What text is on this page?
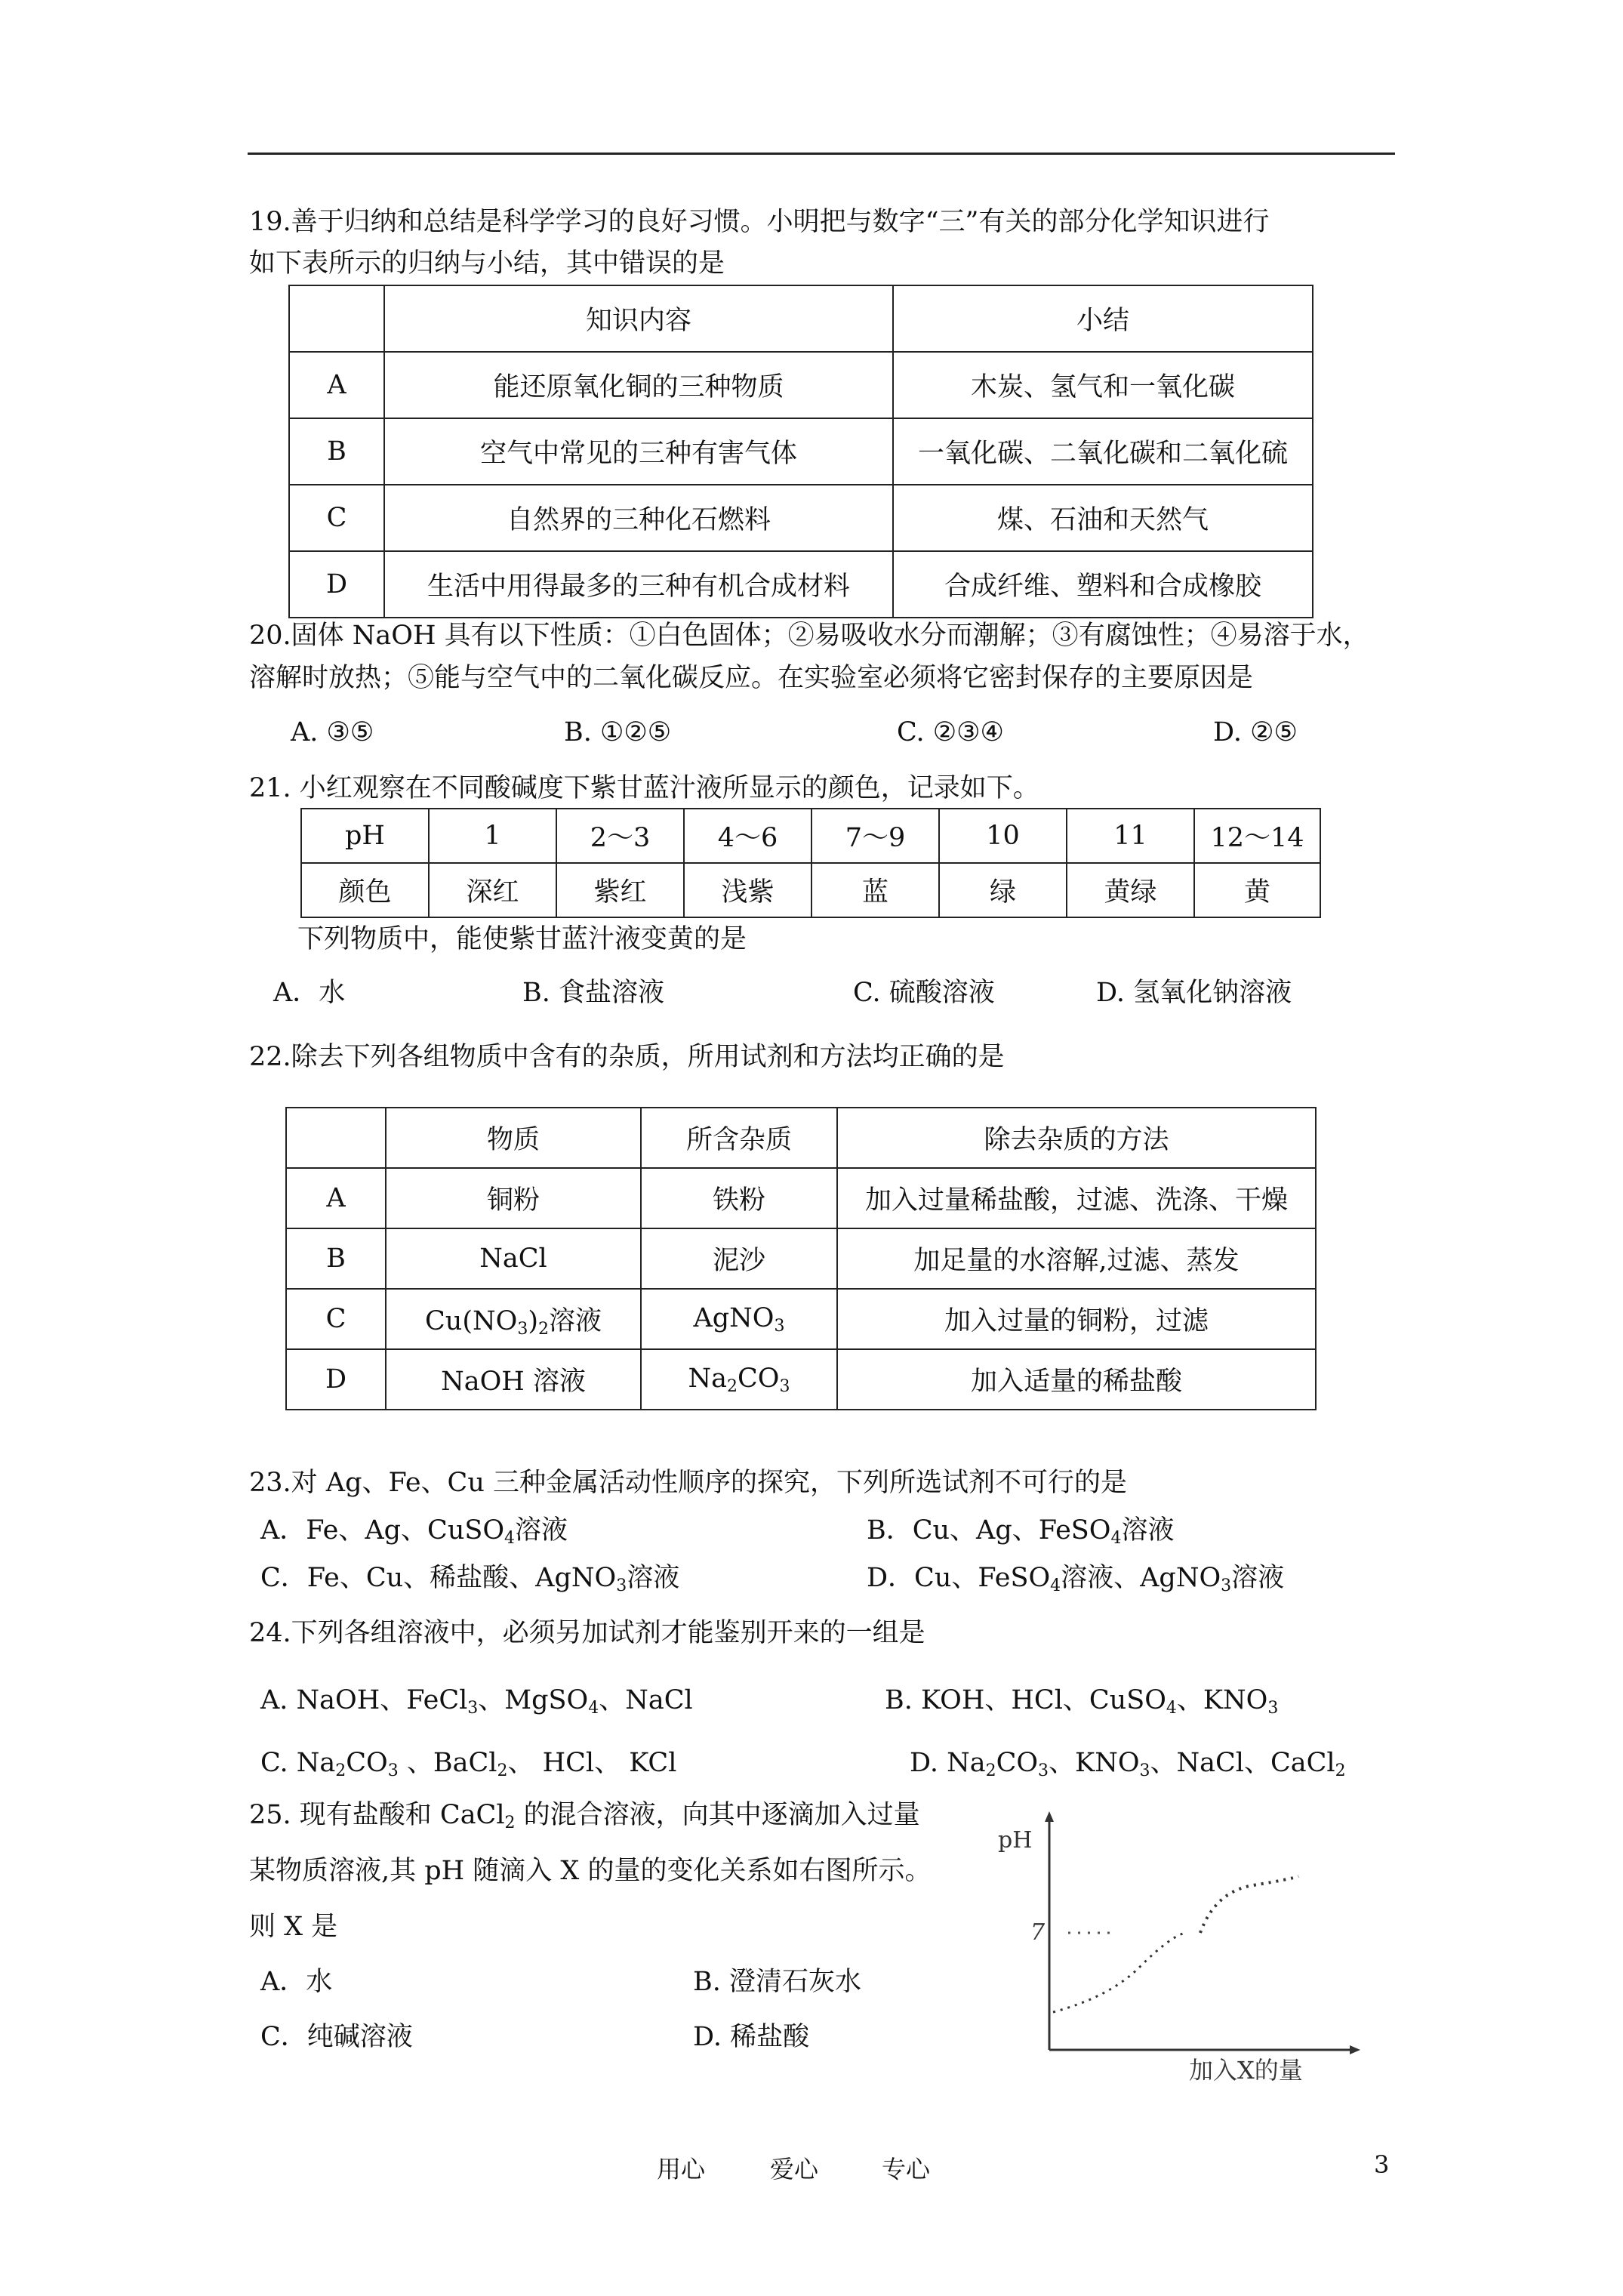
19.善于归纳和总结是科学学习的良好习惯。小明把与数字“三”有关的部分化学知识进行
如下表所示的归纳与小结，其中错误的是
	知识内容	小结
A	能还原氧化铜的三种物质	木炭、氢气和一氧化碳
B	空气中常见的三种有害气体	一氧化碳、二氧化碳和二氧化硫
C	自然界的三种化石燃料	煤、石油和天然气
D	生活中用得最多的三种有机合成材料	合成纤维、塑料和合成橡胶
20.固体 NaOH 具有以下性质：①白色固体；②易吸收水分而潮解；③有腐蚀性；④易溶于水，
溶解时放热；⑤能与空气中的二氧化碳反应。在实验室必须将它密封保存的主要原因是
A. ③⑤	B. ①②⑤	C. ②③④	D. ②⑤
21. 小红观察在不同酸碱度下紫甘蓝汁液所显示的颜色，记录如下。
pH	1	2～3	4～6	7～9	10	11	12～14
颜色	深红	紫红	浅紫	蓝	绿	黄绿	黄
下列物质中，能使紫甘蓝汁液变黄的是
A．水	B. 食盐溶液	C. 硫酸溶液	D. 氢氧化钠溶液
22.除去下列各组物质中含有的杂质，所用试剂和方法均正确的是
	物质	所含杂质	除去杂质的方法
A	铜粉	铁粉	加入过量稀盐酸，过滤、洗涤、干燥
B	NaCl	泥沙	加足量的水溶解,过滤、蒸发
C	$Cu(NO_3)_2$溶液	AgNO$_3$	加入过量的铜粉，过滤
D	NaOH 溶液	$Na_2CO_3$	加入适量的稀盐酸
23.对 Ag、Fe、Cu 三种金属活动性顺序的探究，下列所选试剂不可行的是
A．Fe、Ag、CuSO$_4$溶液	B．Cu、Ag、FeSO$_4$溶液
C．Fe、Cu、稀盐酸、AgNO$_3$溶液	D．Cu、FeSO$_4$溶液、AgNO$_3$溶液
24.下列各组溶液中，必须另加试剂才能鉴别开来的一组是
A. NaOH、FeCl$_3$、MgSO$_4$、NaCl	B. KOH、HCl、CuSO$_4$、$KNO_3$
C. $Na_2CO_3$ 、BaCl$_2$、 HCl、 KCl	D. $Na_2CO_3$、$KNO_3$、NaCl、CaCl$_2$
25. 现有盐酸和 CaCl$_2$ 的混合溶液，向其中逐滴加入过量
某物质溶液,其 pH 随滴入 X 的量的变化关系如右图所示。
则 X 是
A．水	B. 澄清石灰水
C．纯碱溶液	D. 稀盐酸
pH
7
加入X的量
用心	爱心	专心	3
